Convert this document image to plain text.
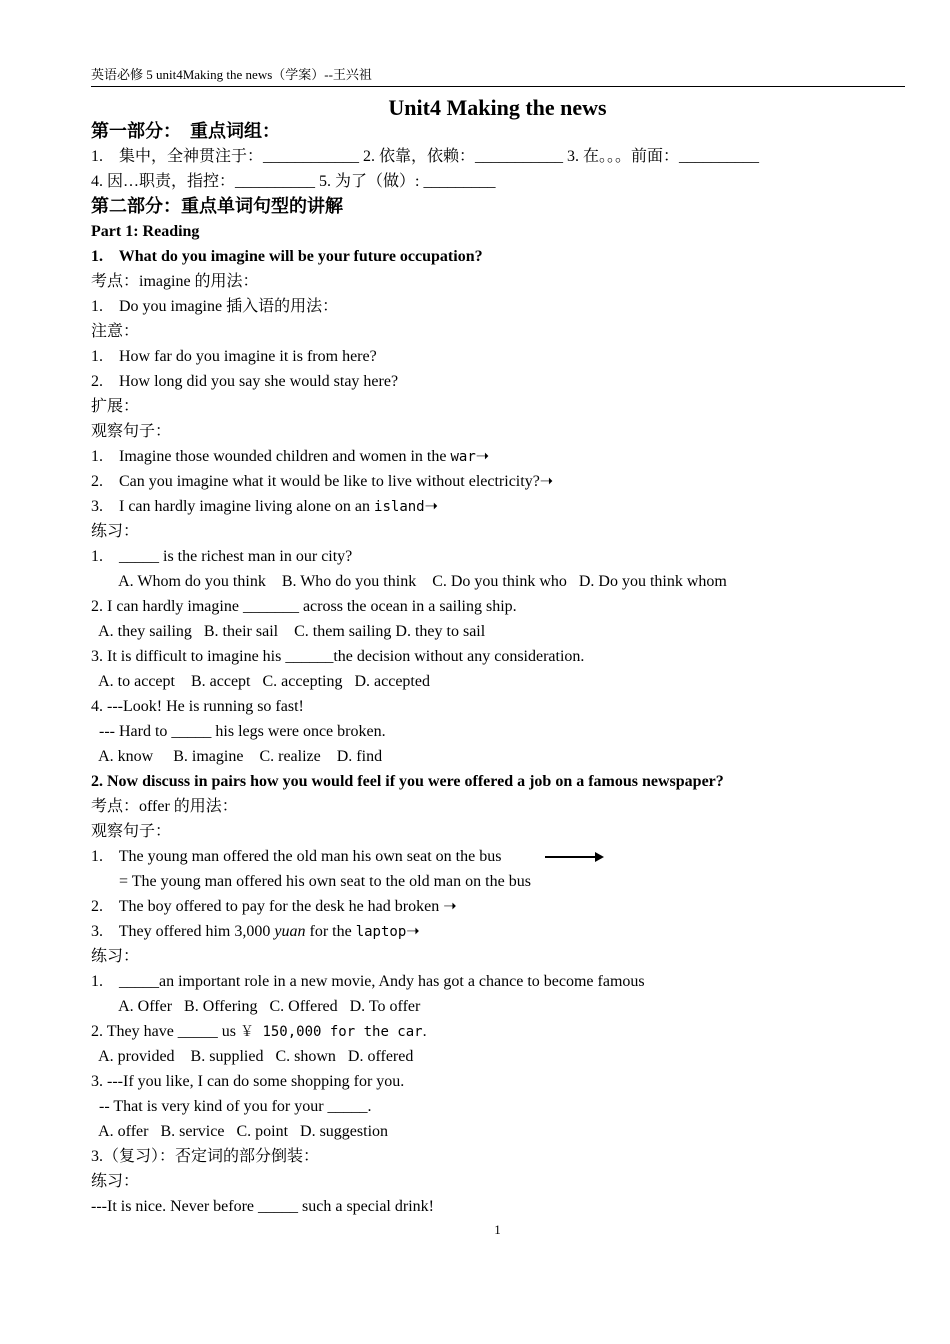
英语必修 5 unit4Making the news（学案）--王兴祖
Unit4 Making the news
第一部分：  重点词组：
1.    集中，全神贯注于：____________ 2. 依靠，依赖：___________ 3. 在。。。前面：__________
4. 因…职责，指控：__________ 5. 为了（做）: _________
第二部分：重点单词句型的讲解
Part 1: Reading
1.    What do you imagine will be your future occupation?
考点：imagine 的用法：
1.    Do you imagine 插入语的用法：
注意：
1.    How far do you imagine it is from here?
2.    How long did you say she would stay here?
扩展：
观察句子：
1.    Imagine those wounded children and women in the war➝
2.    Can you imagine what it would be like to live without electricity?➝
3.    I can hardly imagine living alone on an island➝
练习：
1.    _____ is the richest man in our city?
A. Whom do you think    B. Who do you think    C. Do you think who   D. Do you think whom
2. I can hardly imagine _______ across the ocean in a sailing ship.
A. they sailing   B. their sail    C. them sailing D. they to sail
3. It is difficult to imagine his ______the decision without any consideration.
A. to accept    B. accept   C. accepting   D. accepted
4. ---Look! He is running so fast!
--- Hard to _____ his legs were once broken.
A. know     B. imagine    C. realize    D. find
2. Now discuss in pairs how you would feel if you were offered a job on a famous newspaper?
考点：offer 的用法：
观察句子：
1.    The young man offered the old man his own seat on the bus
= The young man offered his own seat to the old man on the bus
2.    The boy offered to pay for the desk he had broken ➝
3.    They offered him 3,000 yuan for the laptop➝
练习：
1.    _____an important role in a new movie, Andy has got a chance to become famous
A. Offer   B. Offering   C. Offered   D. To offer
2. They have _____ us ￥ 150,000 for the car.
A. provided    B. supplied   C. shown   D. offered
3. ---If you like, I can do some shopping for you.
-- That is very kind of you for your _____.
A. offer   B. service   C. point   D. suggestion
3.（复习）：否定词的部分倒装：
练习：
---It is nice. Never before _____ such a special drink!
1
